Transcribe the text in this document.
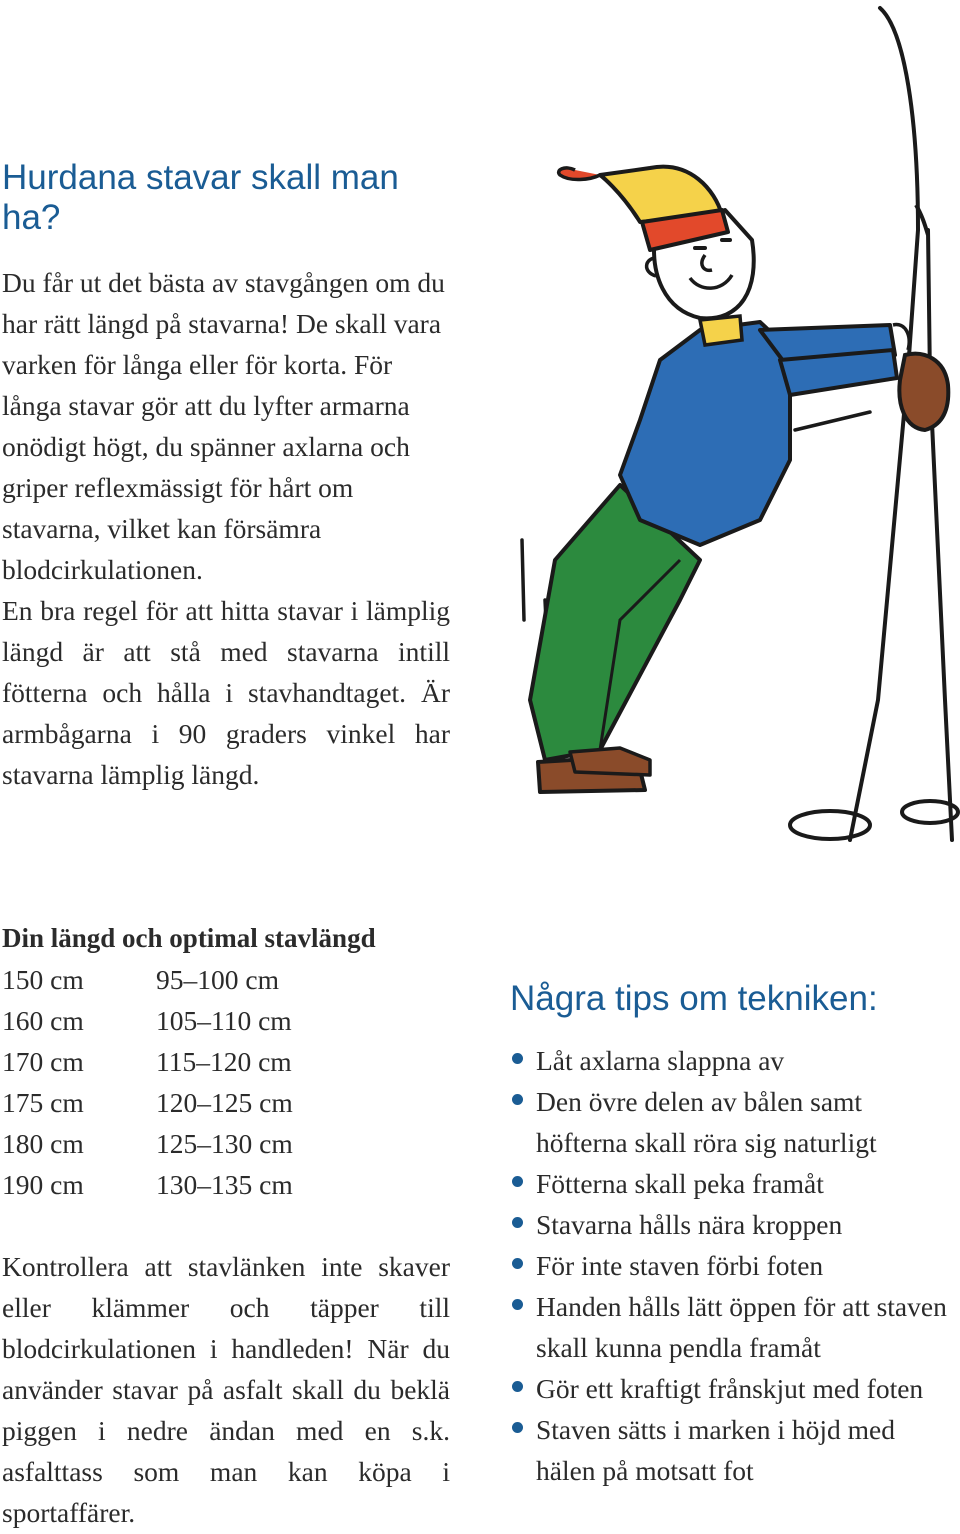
Hurdana stavar skall man ha?

Du får ut det bästa av stavgången om du har rätt längd på stavarna! De skall vara varken för långa eller för korta. För långa stavar gör att du lyfter armarna onödigt högt, du spänner axlarna och griper reflexmässigt för hårt om stavarna, vilket kan försämra blodcirkulationen.

En bra regel för att hitta stavar i lämplig längd är att stå med stavarna intill fötterna och hålla i stavhandtaget. Är armbågarna i 90 graders vinkel har stavarna lämplig längd.

Din längd och optimal stavlängd

150 cm	95–100 cm
160 cm	105–110 cm
170 cm	115–120 cm
175 cm	120–125 cm
180 cm	125–130 cm
190 cm	130–135 cm

Kontrollera att stavlänken inte skaver eller klämmer och täpper till blodcirkulationen i handleden! När du använder stavar på asfalt skall du beklä piggen i nedre ändan med en s.k. asfalttass som man kan köpa i sportaffärer.

Några tips om tekniken:
Låt axlarna slappna av
Den övre delen av bålen samt höfterna skall röra sig naturligt
Fötterna skall peka framåt
Stavarna hålls nära kroppen
För inte staven förbi foten
Handen hålls lätt öppen för att staven skall kunna pendla framåt
Gör ett kraftigt frånskjut med foten
Staven sätts i marken i höjd med hälen på motsatt fot
